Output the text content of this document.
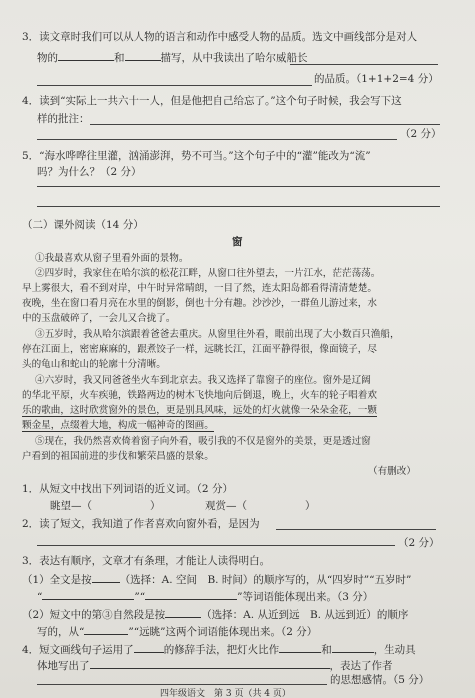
3．读文章时我们可以从人物的语言和动作中感受人物的品质。选文中画线部分是对人
物的	和	描写，从中我读出了哈尔威船长
的品质。（1+1+2=4 分）
4．读到“实际上一共六十一人，但是他把自己给忘了。”这个句子时候，我会写下这
样的批注：
（2 分）
5．“海水哗哗往里灌，汹涌澎湃，势不可当。”这个句子中的“灌”能改为“流”
吗？为什么？（2 分）
（二）课外阅读（14 分）
窗
①我最喜欢从窗子里看外面的景物。
②四岁时，我家住在哈尔滨的松花江畔，从窗口往外望去，一片江水，茫茫荡荡。
早上雾很大，看不到对岸，中午时异常晴朗，一目了然，连太阳岛都看得清清楚楚。
夜晚，坐在窗口看月亮在水里的倒影，倒也十分有趣。沙沙沙，一群鱼儿游过来，水
中的玉盘破碎了，一会儿又合拢了。
③五岁时，我从哈尔滨跟着爸爸去重庆。从窗里往外看，眼前出现了大小数百只渔船，
停在江面上，密密麻麻的，跟煮饺子一样，远眺长江，江面平静得很，像面镜子，尽
头的龟山和蛇山的轮廓十分清晰。
④六岁时，我又同爸爸坐火车到北京去。我又选择了靠窗子的座位。窗外是辽阔
的华北平原，火车疾驰，铁路两边的树木飞快地向后倒退，晚上，火车的轮子唱着欢
乐的歌曲，这时欣赏窗外的景色，更是别具风味，远处的灯火就像一朵朵金花，一颗
颗金星，点缀着大地，构成一幅神奇的图画。
⑤现在，我仍然喜欢倚着窗子向外看，吸引我的不仅是窗外的美景，更是透过窗
户看到的祖国前进的步伐和繁荣昌盛的景象。
（有删改）
1．从短文中找出下列词语的近义词。（2 分）
眺望—（	）	观赏—（	）
2．读了短文，我知道了作者喜欢向窗外看，是因为
（2 分）
3．表达有顺序，文章才有条理，才能让人读得明白。
（1）全文是按	（选择：A. 空间　B. 时间）的顺序写的，从“四岁时”“五岁时”
“	”“	”等词语能体现出来。（3 分）
（2）短文中的第③自然段是按	（选择：A. 从近到远　B. 从远到近）的顺序
写的，从“	”“远眺”这两个词语能体现出来。（2 分）
4．短文画线句子运用了	的修辞手法，把灯火比作	和	，生动具
体地写出了	，表达了作者
的思想感情。（5 分）
四年级语文　第 3 页（共 4 页）
